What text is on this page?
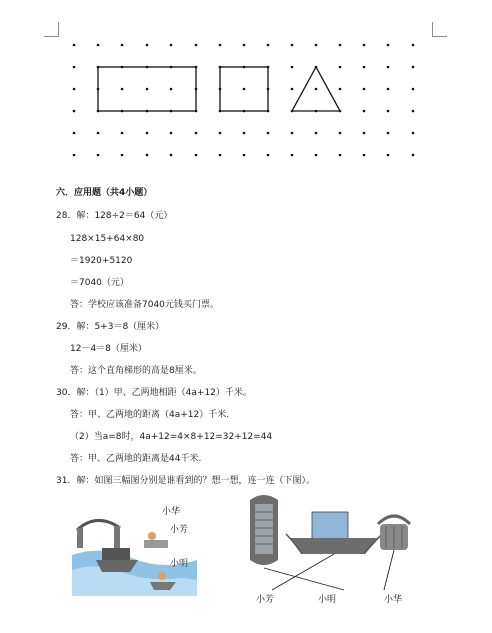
六．应用题（共4小题）
28．解：128÷2＝64（元）
128×15+64×80
＝1920+5120
＝7040（元）
答：学校应该准备7040元钱买门票。
29．解：5+3＝8（厘米）
12－4＝8（厘米）
答：这个直角梯形的高是8厘米。
30．解：（1）甲、乙两地相距（4a+12）千米。
答：甲、乙两地的距离（4a+12）千米.
（2）当a=8时，4a+12=4×8+12=32+12=44
答：甲、乙两地的距离是44千米.
31．解：如图三幅图分别是谁看到的？想一想，连一连（下图）。
小华
小芳
小明
小芳	小明	小华
